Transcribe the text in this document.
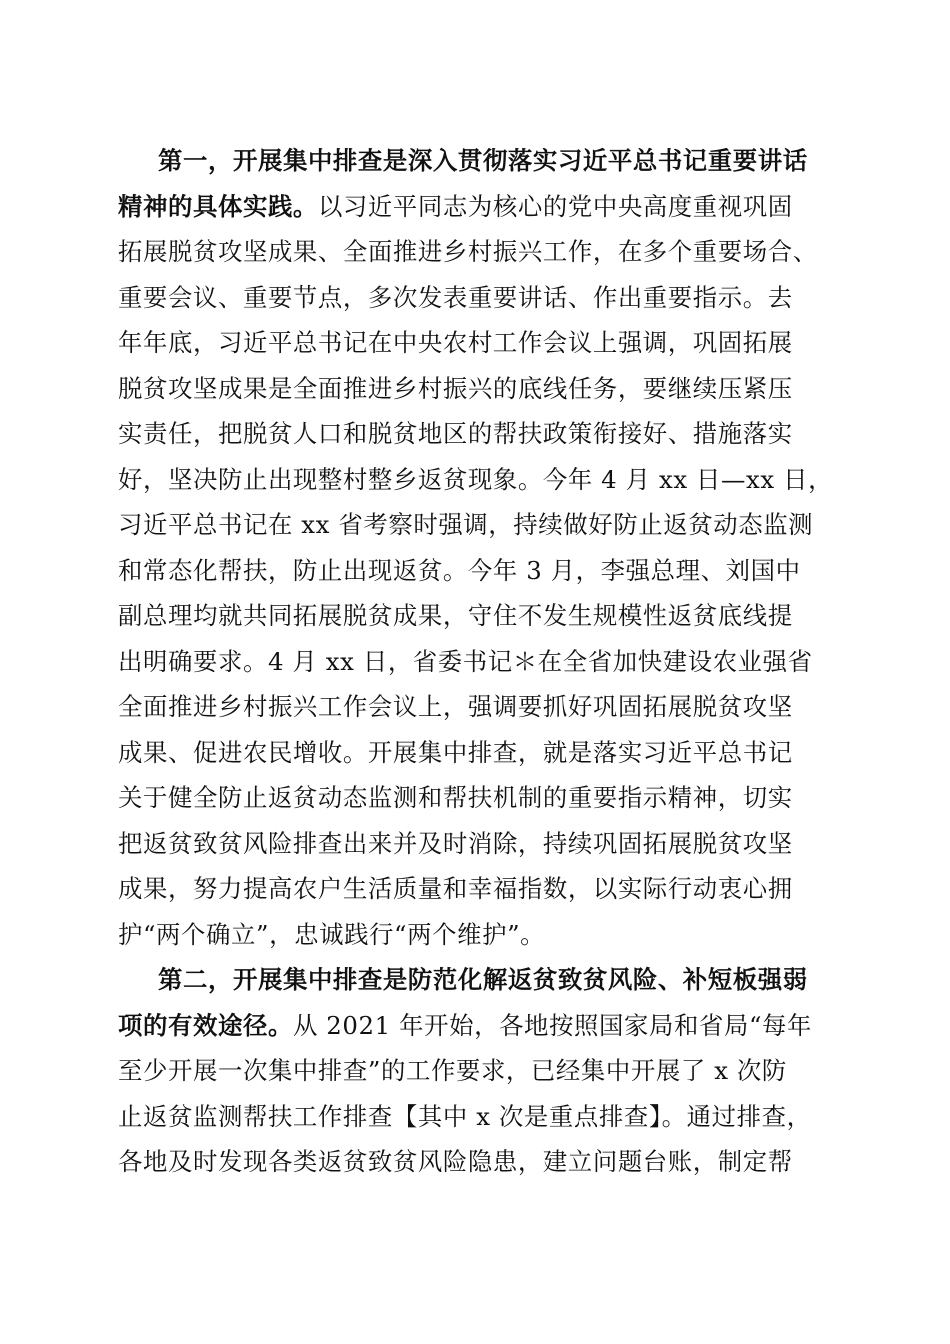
第一，开展集中排查是深入贯彻落实习近平总书记重要讲话
精神的具体实践。以习近平同志为核心的党中央高度重视巩固
拓展脱贫攻坚成果、全面推进乡村振兴工作，在多个重要场合、
重要会议、重要节点，多次发表重要讲话、作出重要指示。去
年年底，习近平总书记在中央农村工作会议上强调，巩固拓展
脱贫攻坚成果是全面推进乡村振兴的底线任务，要继续压紧压
实责任，把脱贫人口和脱贫地区的帮扶政策衔接好、措施落实
好，坚决防止出现整村整乡返贫现象。今年 4 月 xx 日—xx 日，
习近平总书记在 xx 省考察时强调，持续做好防止返贫动态监测
和常态化帮扶，防止出现返贫。今年 3 月，李强总理、刘国中
副总理均就共同拓展脱贫成果，守住不发生规模性返贫底线提
出明确要求。4 月 xx 日，省委书记＊在全省加快建设农业强省
全面推进乡村振兴工作会议上，强调要抓好巩固拓展脱贫攻坚
成果、促进农民增收。开展集中排查，就是落实习近平总书记
关于健全防止返贫动态监测和帮扶机制的重要指示精神，切实
把返贫致贫风险排查出来并及时消除，持续巩固拓展脱贫攻坚
成果，努力提高农户生活质量和幸福指数，以实际行动衷心拥
护“两个确立”，忠诚践行“两个维护”。
第二，开展集中排查是防范化解返贫致贫风险、补短板强弱
项的有效途径。从 2021 年开始，各地按照国家局和省局“每年
至少开展一次集中排查”的工作要求，已经集中开展了 x 次防
止返贫监测帮扶工作排查【其中 x 次是重点排查】。通过排查，
各地及时发现各类返贫致贫风险隐患，建立问题台账，制定帮
